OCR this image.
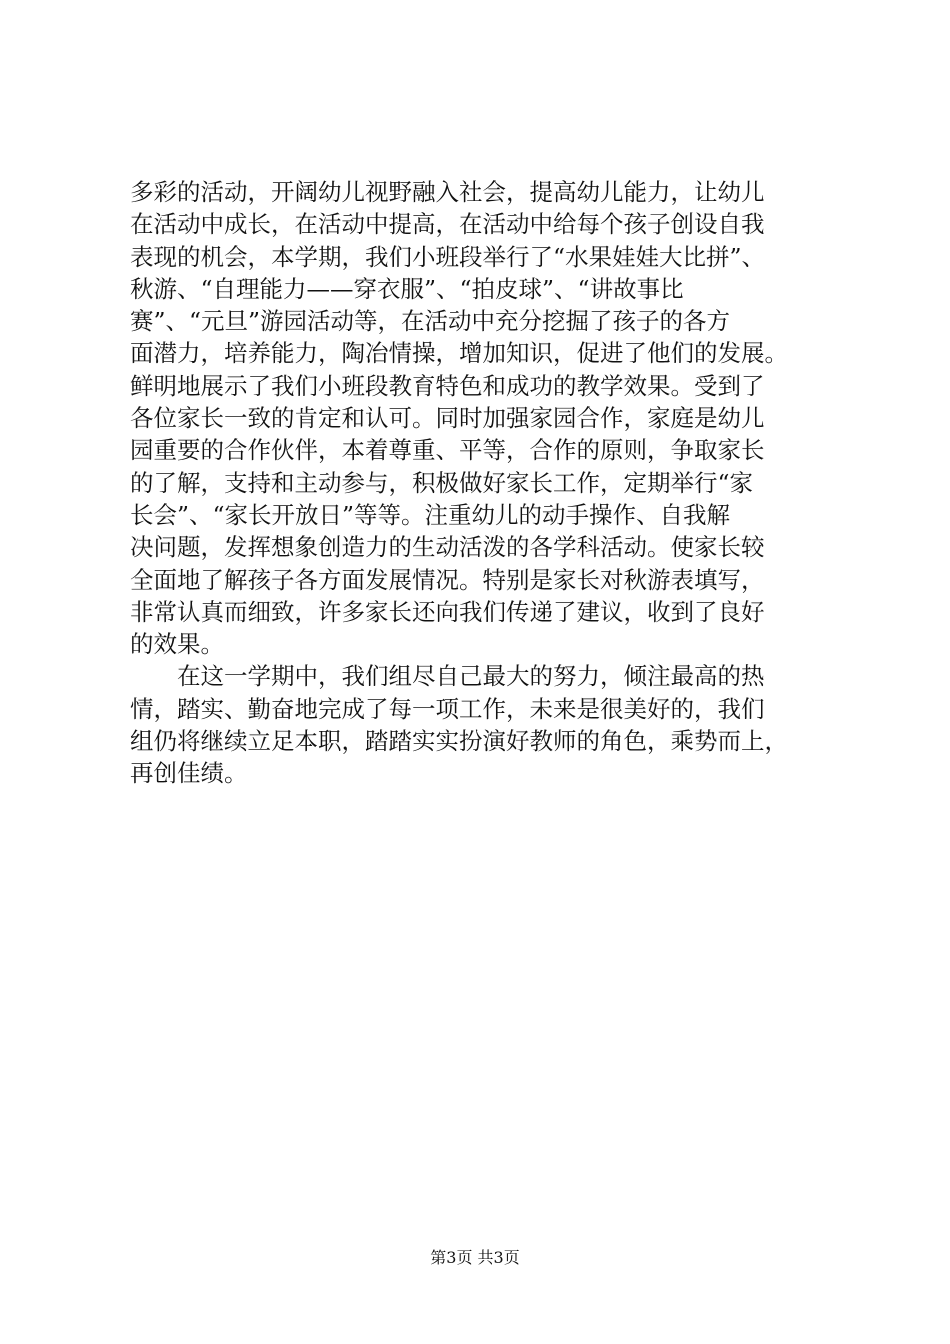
多彩的活动，开阔幼儿视野融入社会，提高幼儿能力，让幼儿
在活动中成长，在活动中提高，在活动中给每个孩子创设自我
表现的机会，本学期，我们小班段举行了“水果娃娃大比拼”、
秋游、“自理能力——穿衣服”、“拍皮球”、“讲故事比
赛”、“元旦”游园活动等，在活动中充分挖掘了孩子的各方
面潜力，培养能力，陶冶情操，增加知识，促进了他们的发展。
鲜明地展示了我们小班段教育特色和成功的教学效果。受到了
各位家长一致的肯定和认可。同时加强家园合作，家庭是幼儿
园重要的合作伙伴，本着尊重、平等，合作的原则，争取家长
的了解，支持和主动参与，积极做好家长工作，定期举行“家
长会”、“家长开放日”等等。注重幼儿的动手操作、自我解
决问题，发挥想象创造力的生动活泼的各学科活动。使家长较
全面地了解孩子各方面发展情况。特别是家长对秋游表填写，
非常认真而细致，许多家长还向我们传递了建议，收到了良好
的效果。
　　在这一学期中，我们组尽自己最大的努力，倾注最高的热
情，踏实、勤奋地完成了每一项工作，未来是很美好的，我们
组仍将继续立足本职，踏踏实实扮演好教师的角色，乘势而上，
再创佳绩。
第3页 共3页
